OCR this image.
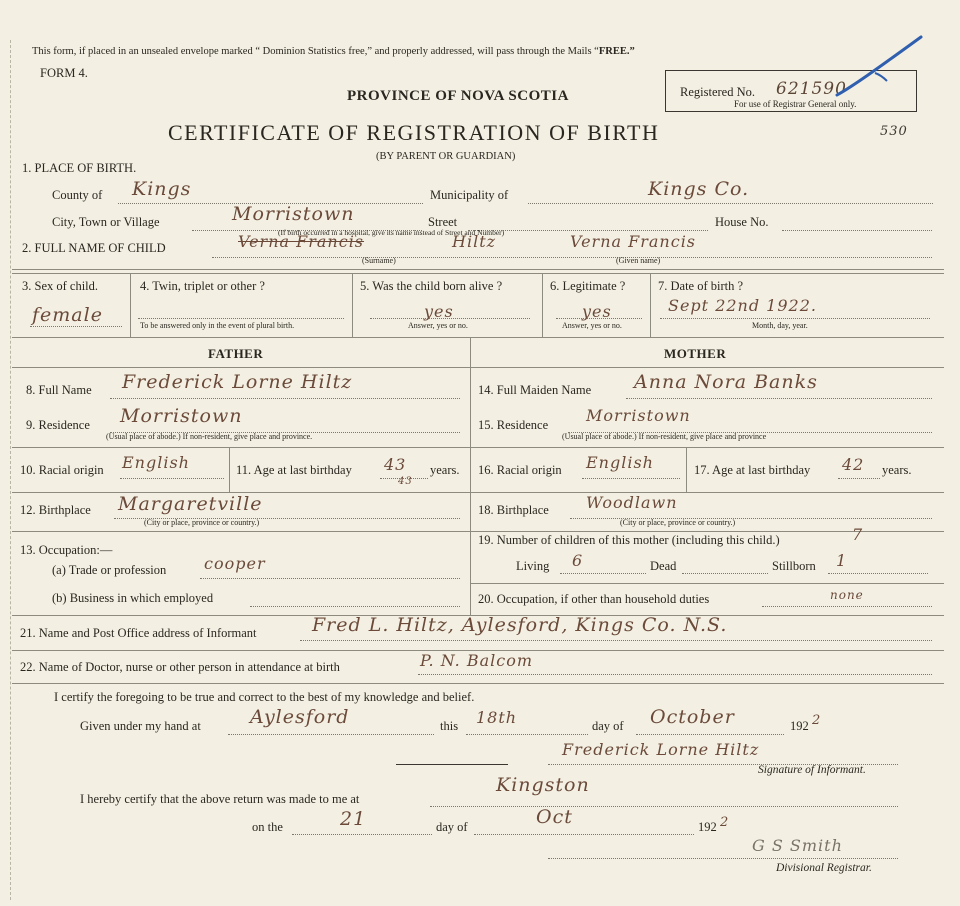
This form, if placed in an unsealed envelope marked “ Dominion Statistics free,” and properly addressed, will pass through the Mails “FREE.”
FORM 4.
PROVINCE OF NOVA SCOTIA	Registered No. 621590
For use of Registrar General only.
530
CERTIFICATE OF REGISTRATION OF BIRTH
(BY PARENT OR GUARDIAN)
1. PLACE OF BIRTH.
County of Kings	Municipality of	Kings Co.
City, Town or Village	Morristown	Street	House No.
(If birth occurred in a hospital, give its name instead of Street and Number)
2. FULL NAME OF CHILD	Verna Francis	Hiltz	Verna Francis
(Surname)	(Given name)
3. Sex of child.
female
4. Twin, triplet or other ?
To be answered only in the event of plural birth.
5. Was the child born alive ?
yes
Answer, yes or no.
6. Legitimate ?
yes
Answer, yes or no.
7. Date of birth ?
Sept 22nd 1922.
Month, day, year.
FATHER	MOTHER
8. Full Name Frederick Lorne Hiltz
9. Residence Morristown
(Usual place of abode.) If non-resident, give place and province.
10. Racial origin English	11. Age at last birthday 43
43
years.
12. Birthplace Margaretville
(City or place, province or country.)
13. Occupation:—
(a) Trade or profession cooper
(b) Business in which employed
14. Full Maiden Name Anna Nora Banks
15. Residence Morristown
(Usual place of abode.) If non-resident, give place and province
16. Racial origin English	17. Age at last birthday 42 years.
18. Birthplace Woodlawn
(City or place, province or country.)
19. Number of children of this mother (including this child.)	7
Living 6	Dead	Stillborn 1
20. Occupation, if other than household duties	none
21. Name and Post Office address of Informant	Fred L. Hiltz, Aylesford, Kings Co. N.S.
22. Name of Doctor, nurse or other person in attendance at birth	P. N. Balcom
I certify the foregoing to be true and correct to the best of my knowledge and belief.
Given under my hand at	Aylesford	this 18th	day of October	192 2
Frederick Lorne Hiltz
Signature of Informant.
I hereby certify that the above return was made to me at
Kingston
on the	21	day of	Oct	192 2
G S Smith
Divisional Registrar.
